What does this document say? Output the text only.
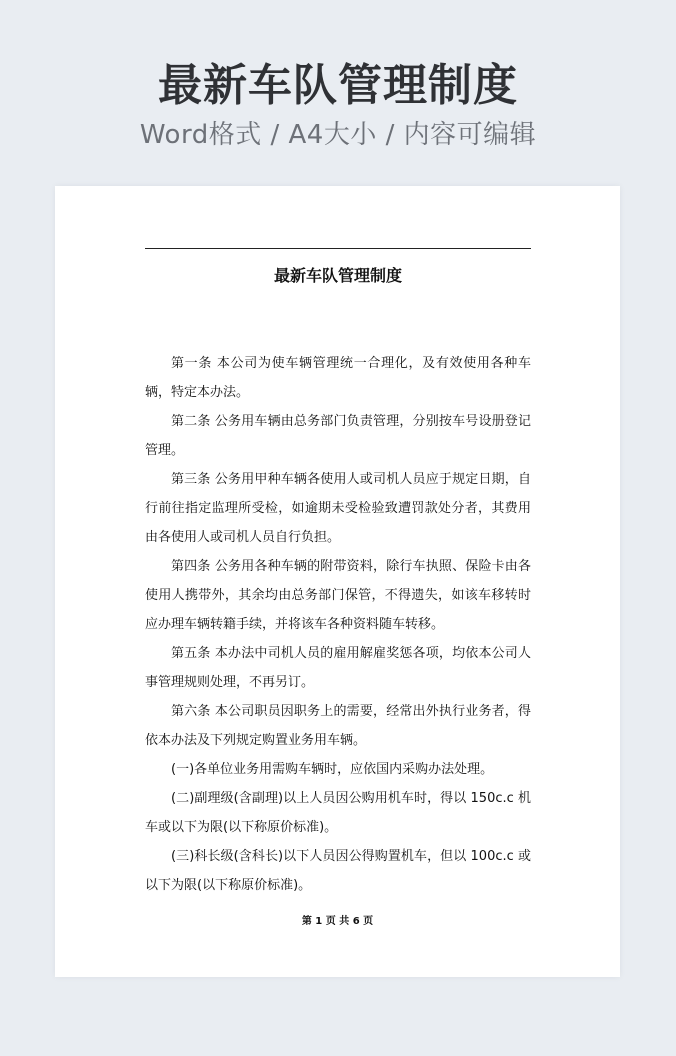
最新车队管理制度
Word格式 / A4大小 / 内容可编辑
最新车队管理制度

第一条 本公司为使车辆管理统一合理化，及有效使用各种车辆，特定本办法。

第二条 公务用车辆由总务部门负责管理，分别按车号设册登记管理。

第三条 公务用甲种车辆各使用人或司机人员应于规定日期，自行前往指定监理所受检，如逾期未受检验致遭罚款处分者，其费用由各使用人或司机人员自行负担。

第四条 公务用各种车辆的附带资料，除行车执照、保险卡由各使用人携带外，其余均由总务部门保管，不得遗失，如该车移转时应办理车辆转籍手续，并将该车各种资料随车转移。

第五条 本办法中司机人员的雇用解雇奖惩各项，均依本公司人事管理规则处理，不再另订。

第六条 本公司职员因职务上的需要，经常出外执行业务者，得依本办法及下列规定购置业务用车辆。

(一)各单位业务用需购车辆时，应依国内采购办法处理。

(二)副理级(含副理)以上人员因公购用机车时，得以 150c.c 机车或以下为限(以下称原价标准)。

(三)科长级(含科长)以下人员因公得购置机车，但以 100c.c 或以下为限(以下称原价标准)。

第 1 页 共 6 页
